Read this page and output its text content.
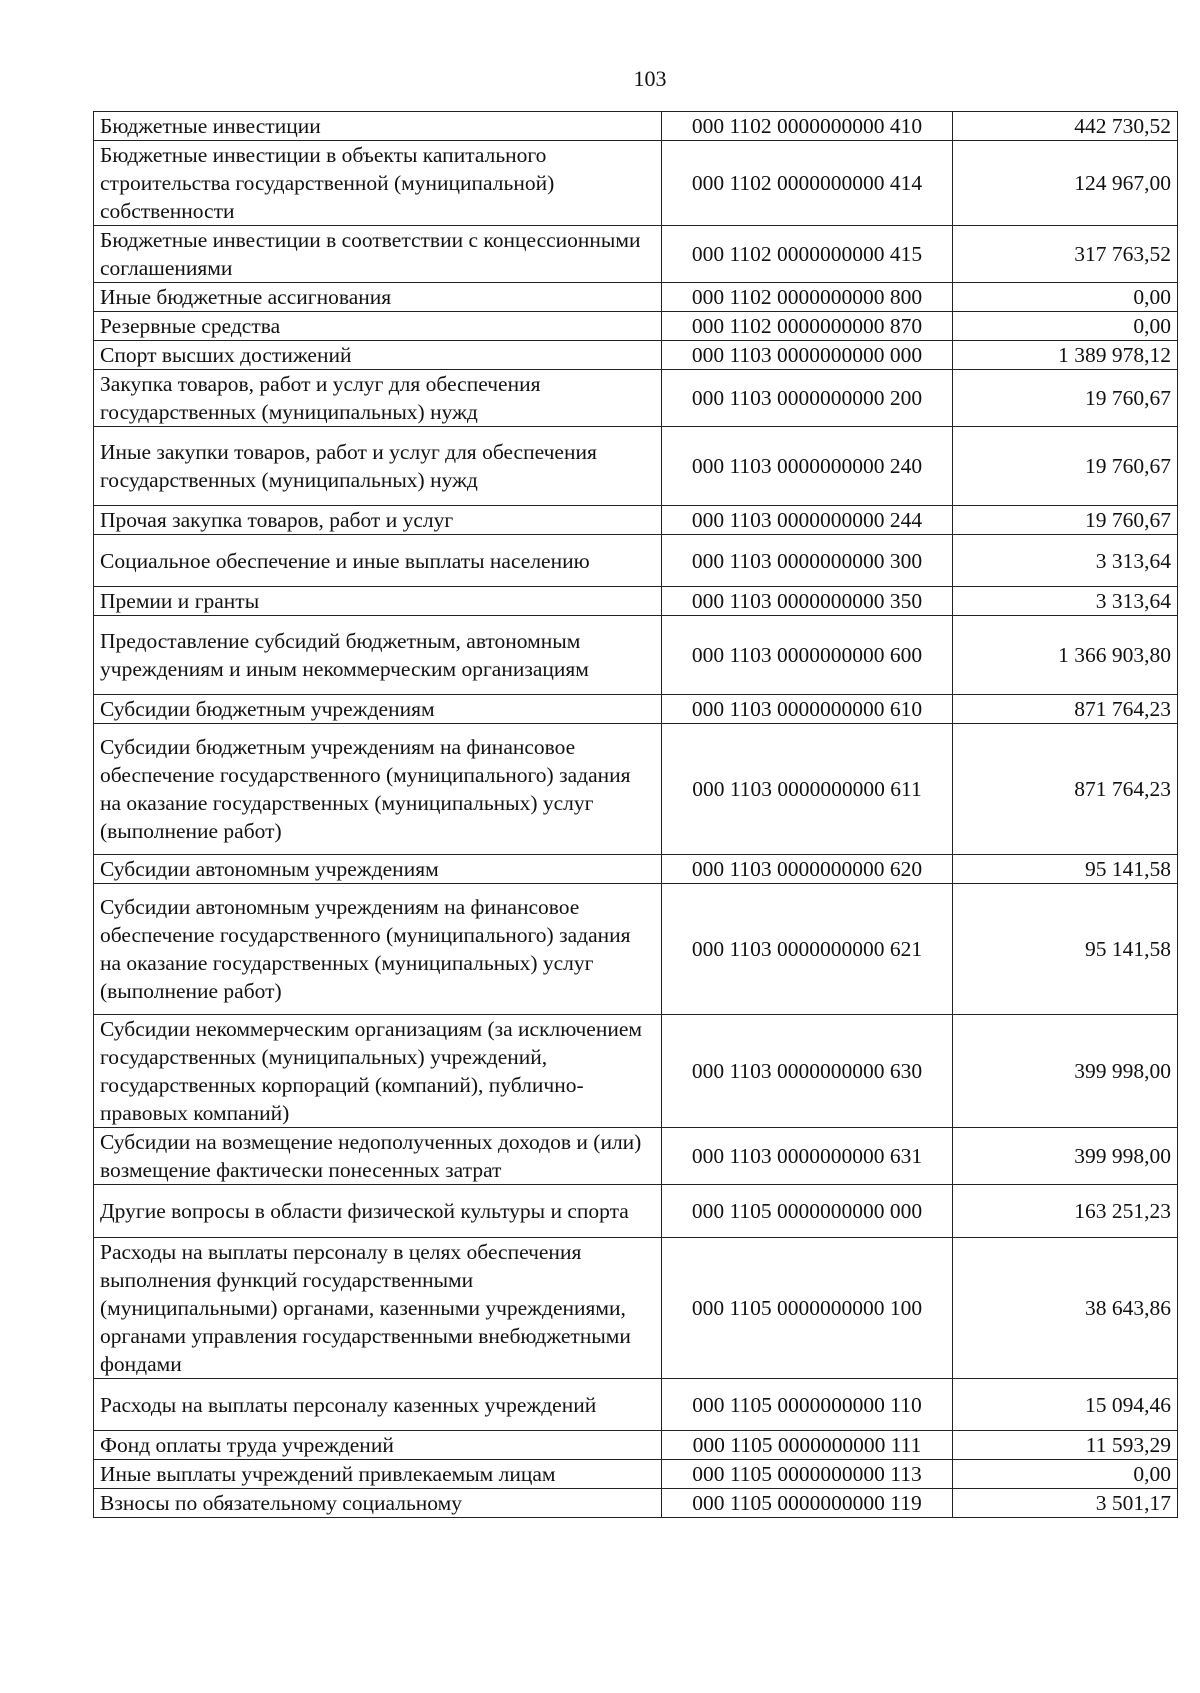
103
Бюджетные инвестиции	000 1102 0000000000 410	442 730,52
Бюджетные инвестиции в объекты капитального строительства государственной (муниципальной) собственности	000 1102 0000000000 414	124 967,00
Бюджетные инвестиции в соответствии с концессионными соглашениями	000 1102 0000000000 415	317 763,52
Иные бюджетные ассигнования	000 1102 0000000000 800	0,00
Резервные средства	000 1102 0000000000 870	0,00
Спорт высших достижений	000 1103 0000000000 000	1 389 978,12
Закупка товаров, работ и услуг для обеспечения государственных (муниципальных) нужд	000 1103 0000000000 200	19 760,67
Иные закупки товаров, работ и услуг для обеспечения государственных (муниципальных) нужд	000 1103 0000000000 240	19 760,67
Прочая закупка товаров, работ и услуг	000 1103 0000000000 244	19 760,67
Социальное обеспечение и иные выплаты населению	000 1103 0000000000 300	3 313,64
Премии и гранты	000 1103 0000000000 350	3 313,64
Предоставление субсидий бюджетным, автономным учреждениям и иным некоммерческим организациям	000 1103 0000000000 600	1 366 903,80
Субсидии бюджетным учреждениям	000 1103 0000000000 610	871 764,23
Субсидии бюджетным учреждениям на финансовое обеспечение государственного (муниципального) задания на оказание государственных (муниципальных) услуг (выполнение работ)	000 1103 0000000000 611	871 764,23
Субсидии автономным учреждениям	000 1103 0000000000 620	95 141,58
Субсидии автономным учреждениям на финансовое обеспечение государственного (муниципального) задания на оказание государственных (муниципальных) услуг (выполнение работ)	000 1103 0000000000 621	95 141,58
Субсидии некоммерческим организациям (за исключением государственных (муниципальных) учреждений, государственных корпораций (компаний), публично-правовых компаний)	000 1103 0000000000 630	399 998,00
Субсидии на возмещение недополученных доходов и (или) возмещение фактически понесенных затрат	000 1103 0000000000 631	399 998,00
Другие вопросы в области физической культуры и спорта	000 1105 0000000000 000	163 251,23
Расходы на выплаты персоналу в целях обеспечения выполнения функций государственными (муниципальными) органами, казенными учреждениями, органами управления государственными внебюджетными фондами	000 1105 0000000000 100	38 643,86
Расходы на выплаты персоналу казенных учреждений	000 1105 0000000000 110	15 094,46
Фонд оплаты труда учреждений	000 1105 0000000000 111	11 593,29
Иные выплаты учреждений привлекаемым лицам	000 1105 0000000000 113	0,00
Взносы по обязательному социальному	000 1105 0000000000 119	3 501,17
